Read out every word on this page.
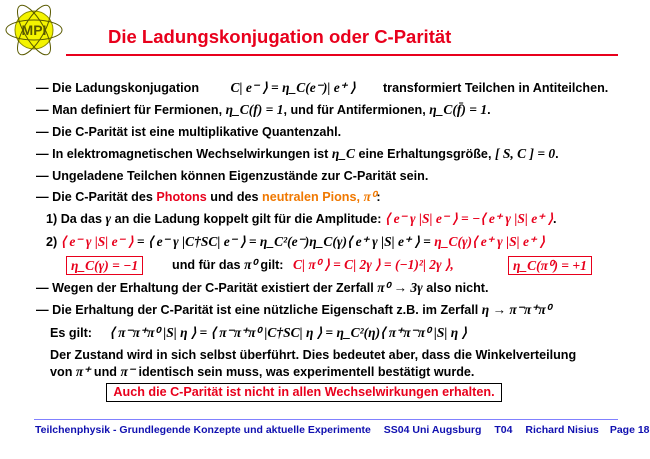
MPI	Die Ladungskonjugation oder C-Parität
— Die Ladungskonjugation C| e⁻ ⟩ = η_C(e⁻)| e⁺ ⟩ transformiert Teilchen in Antiteilchen.
— Man definiert für Fermionen, η_C(f) = 1, und für Antifermionen, η_C(f̄) = 1.
— Die C-Parität ist eine multiplikative Quantenzahl.
— In elektromagnetischen Wechselwirkungen ist η_C eine Erhaltungsgröße, [ S, C ] = 0.
— Ungeladene Teilchen können Eigenzustände zur C-Parität sein.
— Die C-Parität des Photons und des neutralen Pions, π⁰:
1) Da das γ an die Ladung koppelt gilt für die Amplitude: ⟨ e⁻ γ |S| e⁻ ⟩ = −⟨ e⁺ γ |S| e⁺ ⟩.
2) ⟨ e⁻ γ |S| e⁻ ⟩ = ⟨ e⁻ γ |C†SC| e⁻ ⟩ = η_C²(e⁻)η_C(γ)⟨ e⁺ γ |S| e⁺ ⟩ = η_C(γ)⟨ e⁺ γ |S| e⁺ ⟩
η_C(γ) = −1	und für das π⁰ gilt: C| π⁰ ⟩ = C| 2γ ⟩ = (−1)²| 2γ ⟩,	η_C(π⁰) = +1
— Wegen der Erhaltung der C-Parität existiert der Zerfall π⁰ → 3γ also nicht.
— Die Erhaltung der C-Parität ist eine nützliche Eigenschaft z.B. im Zerfall η → π⁻π⁺π⁰
Es gilt: ⟨ π⁻π⁺π⁰ |S| η ⟩ = ⟨ π⁻π⁺π⁰ |C†SC| η ⟩ = η_C²(η)⟨ π⁺π⁻π⁰ |S| η ⟩
Der Zustand wird in sich selbst überführt. Dies bedeutet aber, dass die Winkelverteilung
von π⁺ und π⁻ identisch sein muss, was experimentell bestätigt wurde.
Auch die C-Parität ist nicht in allen Wechselwirkungen erhalten.
Teilchenphysik - Grundlegende Konzepte und aktuelle Experimente SS04 Uni Augsburg T04 Richard Nisius Page 18
